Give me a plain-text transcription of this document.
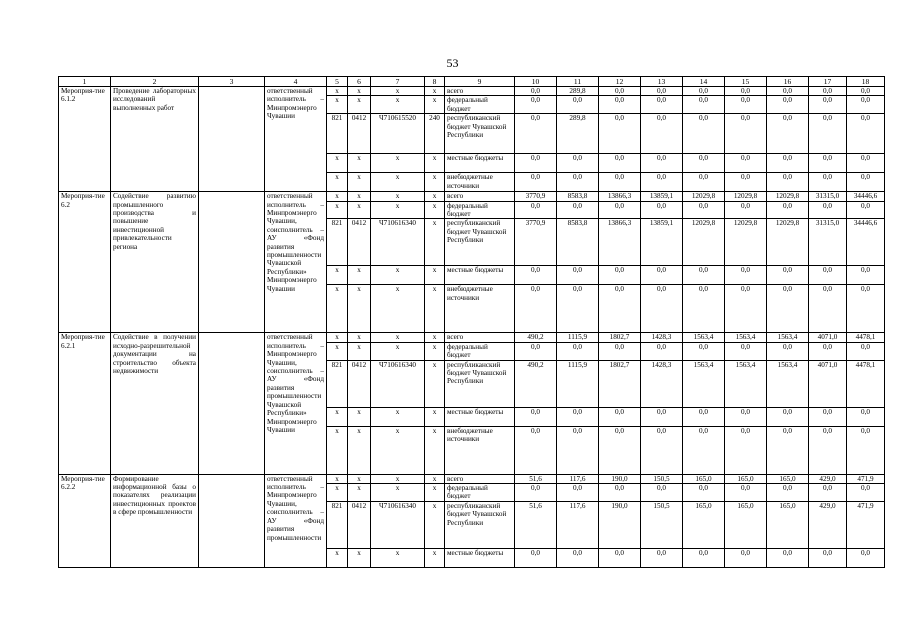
53
1	2	3	4	5	6	7	8	9	10	11	12	13	14	15	16	17	18
Мероприя-тие 6.1.2	Проведение лабораторных исследований выполненных работ		ответственный исполнитель – Минпромэнерго Чувашии	x	x	x	x	всего	0,0	289,8	0,0	0,0	0,0	0,0	0,0	0,0	0,0
				x	x	x	x	федеральный бюджет	0,0	0,0	0,0	0,0	0,0	0,0	0,0	0,0	0,0
				821	0412	Ч710615520	240	республиканский бюджет Чувашской Республики	0,0	289,8	0,0	0,0	0,0	0,0	0,0	0,0	0,0
				x	x	x	x	местные бюджеты	0,0	0,0	0,0	0,0	0,0	0,0	0,0	0,0	0,0
				x	x	x	x	внебюджетные источники	0,0	0,0	0,0	0,0	0,0	0,0	0,0	0,0	0,0
Мероприя-тие 6.2	Содействие развитию промышленного производства и повышение инвестиционной привлекательности региона		ответственный исполнитель – Минпромэнерго Чувашии, соисполнитель – АУ «Фонд развития промышленности Чувашской Республики» Минпромэнерго Чувашии	x	x	x	x	всего	3770,9	8583,8	13866,3	13859,1	12029,8	12029,8	12029,8	31315,0	34446,6
				x	x	x	x	федеральный бюджет	0,0	0,0	0,0	0,0	0,0	0,0	0,0	0,0	0,0
				821	0412	Ч710616340	x	республиканский бюджет Чувашской Республики	3770,9	8583,8	13866,3	13859,1	12029,8	12029,8	12029,8	31315,0	34446,6
				x	x	x	x	местные бюджеты	0,0	0,0	0,0	0,0	0,0	0,0	0,0	0,0	0,0
				x	x	x	x	внебюджетные источники	0,0	0,0	0,0	0,0	0,0	0,0	0,0	0,0	0,0
Мероприя-тие 6.2.1	Содействие в получении исходно-разрешительной документации на строительство объекта недвижимости		ответственный исполнитель – Минпромэнерго Чувашии, соисполнитель – АУ «Фонд развития промышленности Чувашской Республики» Минпромэнерго Чувашии	x	x	x	x	всего	490,2	1115,9	1802,7	1428,3	1563,4	1563,4	1563,4	4071,0	4478,1
				x	x	x	x	федеральный бюджет	0,0	0,0	0,0	0,0	0,0	0,0	0,0	0,0	0,0
				821	0412	Ч710616340	x	республиканский бюджет Чувашской Республики	490,2	1115,9	1802,7	1428,3	1563,4	1563,4	1563,4	4071,0	4478,1
				x	x	x	x	местные бюджеты	0,0	0,0	0,0	0,0	0,0	0,0	0,0	0,0	0,0
				x	x	x	x	внебюджетные источники	0,0	0,0	0,0	0,0	0,0	0,0	0,0	0,0	0,0
Мероприя-тие 6.2.2	Формирование информационной базы о показателях реализации инвестиционных проектов в сфере промышленности		ответственный исполнитель – Минпромэнерго Чувашии, соисполнитель – АУ «Фонд развития промышленности	x	x	x	x	всего	51,6	117,6	190,0	150,5	165,0	165,0	165,0	429,0	471,9
				x	x	x	x	федеральный бюджет	0,0	0,0	0,0	0,0	0,0	0,0	0,0	0,0	0,0
				821	0412	Ч710616340	x	республиканский бюджет Чувашской Республики	51,6	117,6	190,0	150,5	165,0	165,0	165,0	429,0	471,9
				x	x	x	x	местные бюджеты	0,0	0,0	0,0	0,0	0,0	0,0	0,0	0,0	0,0
